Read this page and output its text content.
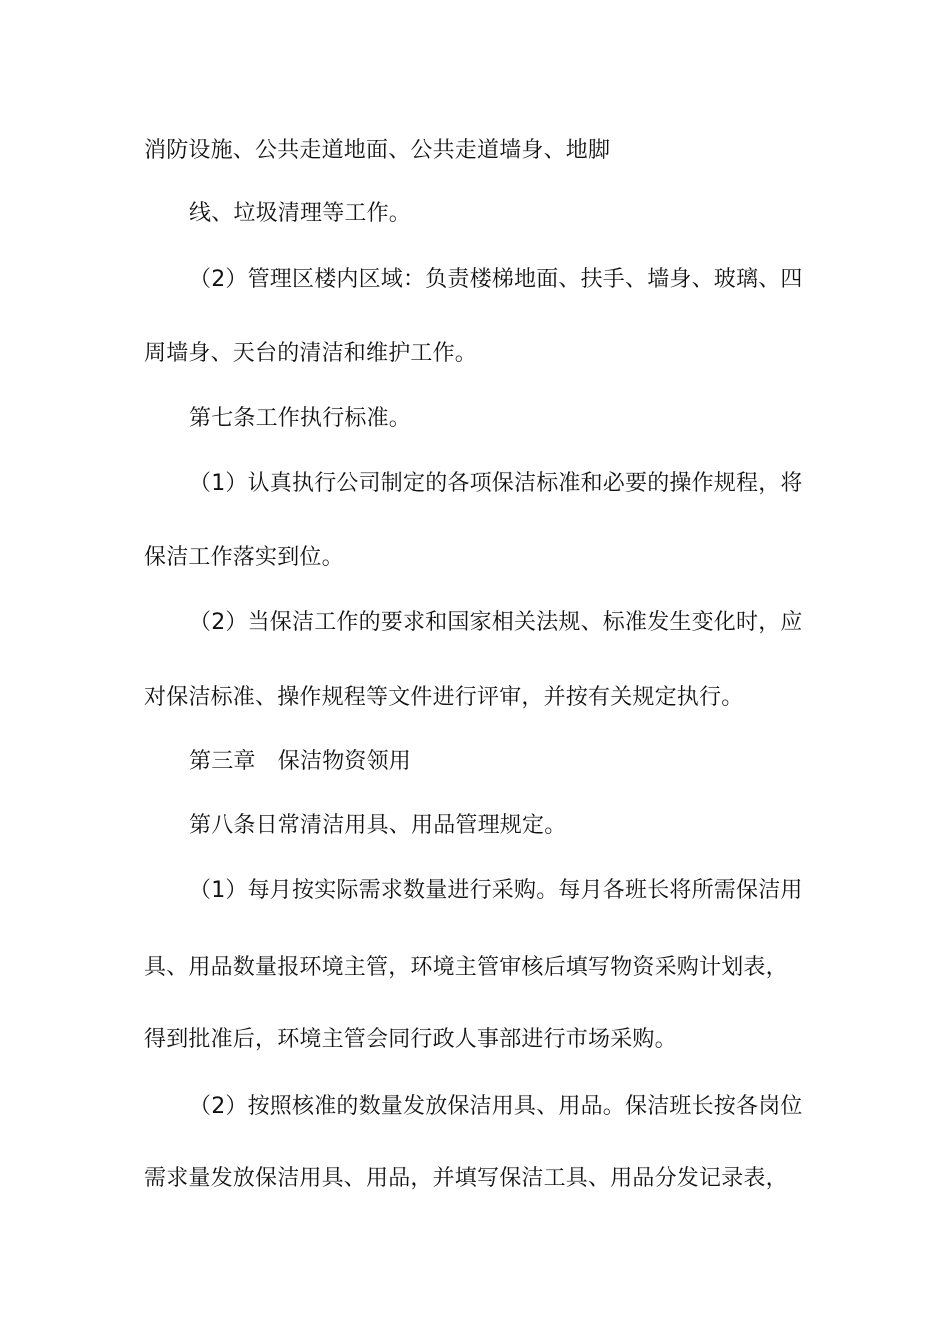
消防设施、公共走道地面、公共走道墙身、地脚
线、垃圾清理等工作。
（2）管理区楼内区域：负责楼梯地面、扶手、墙身、玻璃、四
周墙身、天台的清洁和维护工作。
第七条工作执行标准。
（1）认真执行公司制定的各项保洁标准和必要的操作规程，将
保洁工作落实到位。
（2）当保洁工作的要求和国家相关法规、标准发生变化时，应
对保洁标准、操作规程等文件进行评审，并按有关规定执行。
第三章　保洁物资领用
第八条日常清洁用具、用品管理规定。
（1）每月按实际需求数量进行采购。每月各班长将所需保洁用
具、用品数量报环境主管，环境主管审核后填写物资采购计划表，
得到批准后，环境主管会同行政人事部进行市场采购。
（2）按照核准的数量发放保洁用具、用品。保洁班长按各岗位
需求量发放保洁用具、用品，并填写保洁工具、用品分发记录表，
